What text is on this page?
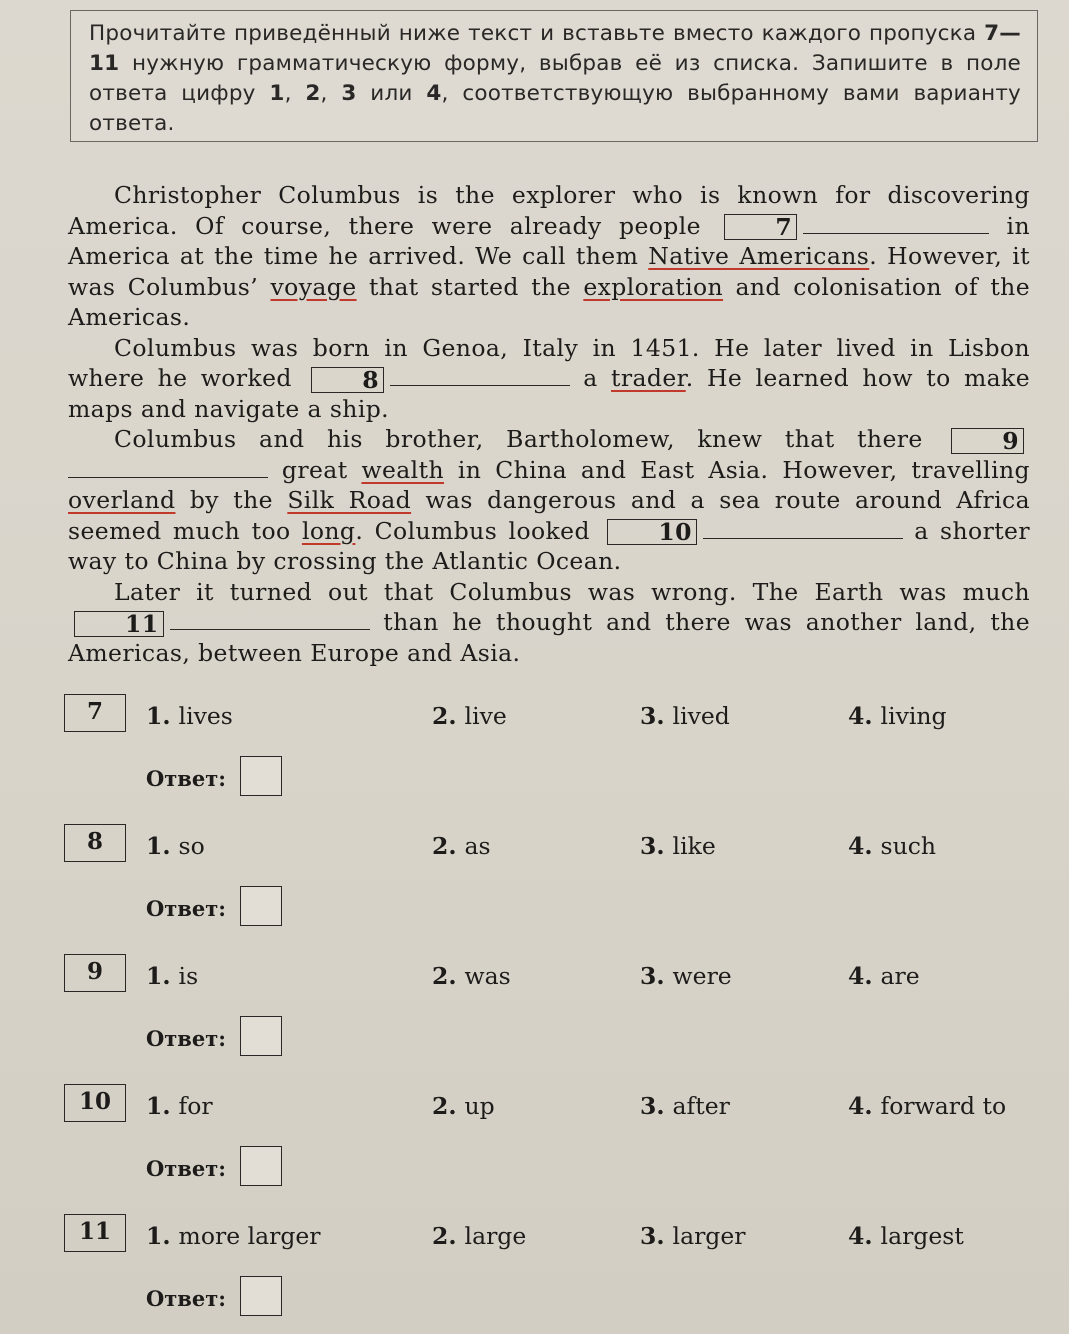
Прочитайте приведённый ниже текст и вставьте вместо каждого пропуска 7—11 нужную грамматическую форму, выбрав её из списка. Запишите в поле ответа цифру 1, 2, 3 или 4, соответствующую выбранному вами варианту ответа.

Christopher Columbus is the explorer who is known for discovering America. Of course, there were already people	7	in America at the time he arrived. We call them Native Americans. However, it was Columbus’ voyage that started the exploration and colonisation of the Americas.

Columbus was born in Genoa, Italy in 1451. He later lived in Lisbon where he worked	8	a trader. He learned how to make maps and navigate a ship.

Columbus and his brother, Bartholomew, knew that there	9 great wealth in China and East Asia. However, travelling overland by the Silk Road was dangerous and a sea route around Africa seemed much too long. Columbus looked	10	a shorter way to China by crossing the Atlantic Ocean.

Later it turned out that Columbus was wrong. The Earth was much 11	than he thought and there was another land, the Americas, between Europe and Asia.

7	1. lives	2. live	3. lived	4. living
Ответ:
8	1. so	2. as	3. like	4. such
Ответ:
9	1. is	2. was	3. were	4. are
Ответ:
10	1. for	2. up	3. after	4. forward to
Ответ:
11	1. more larger	2. large	3. larger	4. largest
Ответ:
